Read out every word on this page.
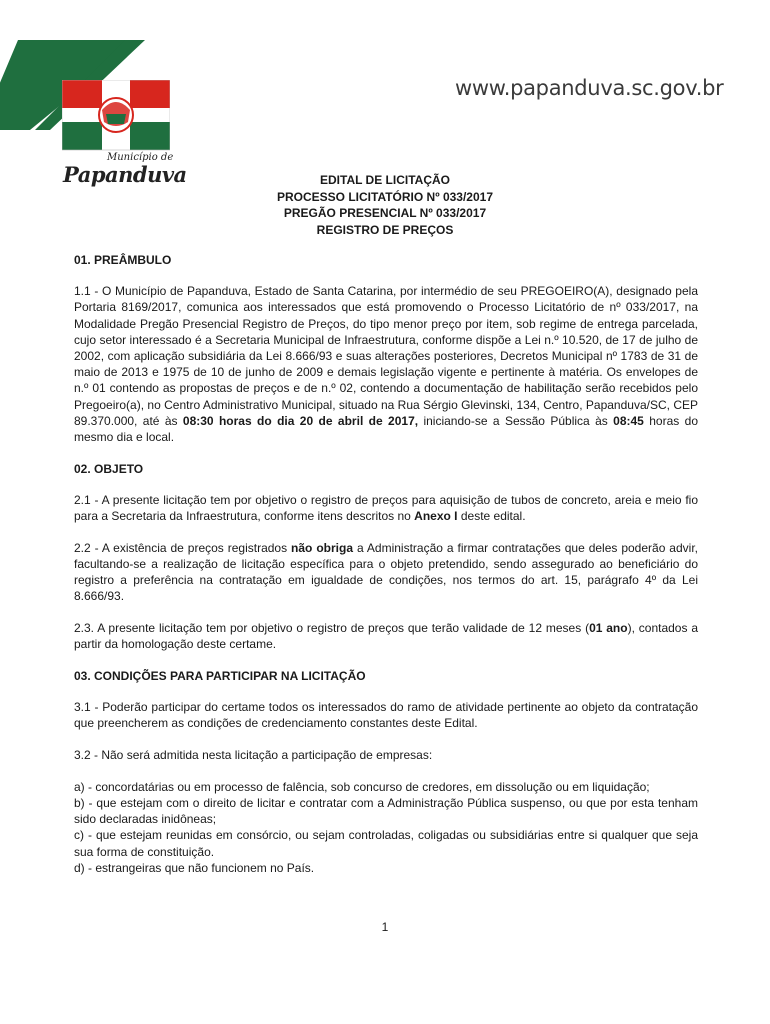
www.papanduva.sc.gov.br
Município de
Papanduva	EDITAL DE LICITAÇÃO
PROCESSO LICITATÓRIO Nº 033/2017
PREGÃO PRESENCIAL Nº 033/2017
REGISTRO DE PREÇOS
01. PREÂMBULO

1.1 - O Município de Papanduva, Estado de Santa Catarina, por intermédio de seu PREGOEIRO(A), designado pela Portaria 8169/2017, comunica aos interessados que está promovendo o Processo Licitatório de nº 033/2017, na Modalidade Pregão Presencial Registro de Preços, do tipo menor preço por item, sob regime de entrega parcelada, cujo setor interessado é a Secretaria Municipal de Infraestrutura, conforme dispõe a Lei n.º 10.520, de 17 de julho de 2002, com aplicação subsidiária da Lei 8.666/93 e suas alterações posteriores, Decretos Municipal nº 1783 de 31 de maio de 2013 e 1975 de 10 de junho de 2009 e demais legislação vigente e pertinente à matéria. Os envelopes de n.º 01 contendo as propostas de preços e de n.º 02, contendo a documentação de habilitação serão recebidos pelo Pregoeiro(a), no Centro Administrativo Municipal, situado na Rua Sérgio Glevinski, 134, Centro, Papanduva/SC, CEP 89.370.000, até às 08:30 horas do dia 20 de abril de 2017, iniciando-se a Sessão Pública às 08:45 horas do mesmo dia e local.

02. OBJETO

2.1 - A presente licitação tem por objetivo o registro de preços para aquisição de tubos de concreto, areia e meio fio para a Secretaria da Infraestrutura, conforme itens descritos no Anexo I deste edital.

2.2 - A existência de preços registrados não obriga a Administração a firmar contratações que deles poderão advir, facultando-se a realização de licitação específica para o objeto pretendido, sendo assegurado ao beneficiário do registro a preferência na contratação em igualdade de condições, nos termos do art. 15, parágrafo 4º da Lei 8.666/93.

2.3. A presente licitação tem por objetivo o registro de preços que terão validade de 12 meses (01 ano), contados a partir da homologação deste certame.

03. CONDIÇÕES PARA PARTICIPAR NA LICITAÇÃO

3.1 - Poderão participar do certame todos os interessados do ramo de atividade pertinente ao objeto da contratação que preencherem as condições de credenciamento constantes deste Edital.

3.2 - Não será admitida nesta licitação a participação de empresas:

a) - concordatárias ou em processo de falência, sob concurso de credores, em dissolução ou em liquidação;

b) - que estejam com o direito de licitar e contratar com a Administração Pública suspenso, ou que por esta tenham sido declaradas inidôneas;

c) - que estejam reunidas em consórcio, ou sejam controladas, coligadas ou subsidiárias entre si qualquer que seja sua forma de constituição.

d) - estrangeiras que não funcionem no País.

1
